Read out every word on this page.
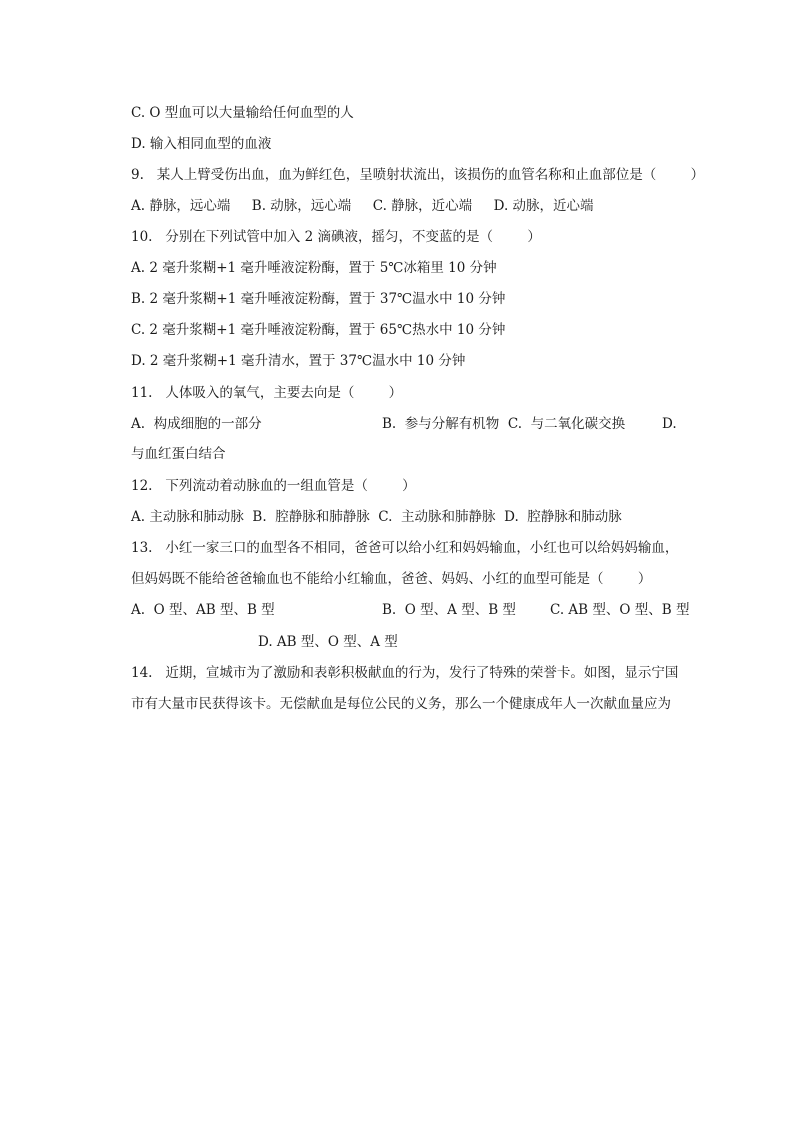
C. O 型血可以大量输给任何血型的人
D. 输入相同血型的血液
9.   某人上臂受伤出血，血为鲜红色，呈喷射状流出，该损伤的血管名称和止血部位是（        ）
A. 静脉，远心端     B. 动脉，远心端     C. 静脉，近心端     D. 动脉，近心端
10.   分别在下列试管中加入 2 滴碘液，摇匀，不变蓝的是（        ）
A. 2 毫升浆糊+1 毫升唾液淀粉酶，置于 5℃冰箱里 10 分钟
B. 2 毫升浆糊+1 毫升唾液淀粉酶，置于 37℃温水中 10 分钟
C. 2 毫升浆糊+1 毫升唾液淀粉酶，置于 65℃热水中 10 分钟
D. 2 毫升浆糊+1 毫升清水，置于 37℃温水中 10 分钟
11.   人体吸入的氧气，主要去向是（        ）
A.  构成细胞的一部分	B.  参与分解有机物  C.  与二氧化碳交换	D.
与血红蛋白结合
12.   下列流动着动脉血的一组血管是（        ）
A. 主动脉和肺动脉  B.  腔静脉和肺静脉  C.  主动脉和肺静脉  D.  腔静脉和肺动脉
13.   小红一家三口的血型各不相同，爸爸可以给小红和妈妈输血，小红也可以给妈妈输血，
但妈妈既不能给爸爸输血也不能给小红输血，爸爸、妈妈、小红的血型可能是（        ）
A.  O 型、AB 型、B 型	B.  O 型、A 型、B 型	C. AB 型、O 型、B 型
D. AB 型、O 型、A 型
14.   近期，宣城市为了激励和表彰积极献血的行为，发行了特殊的荣誉卡。如图，显示宁国
市有大量市民获得该卡。无偿献血是每位公民的义务，那么一个健康成年人一次献血量应为
